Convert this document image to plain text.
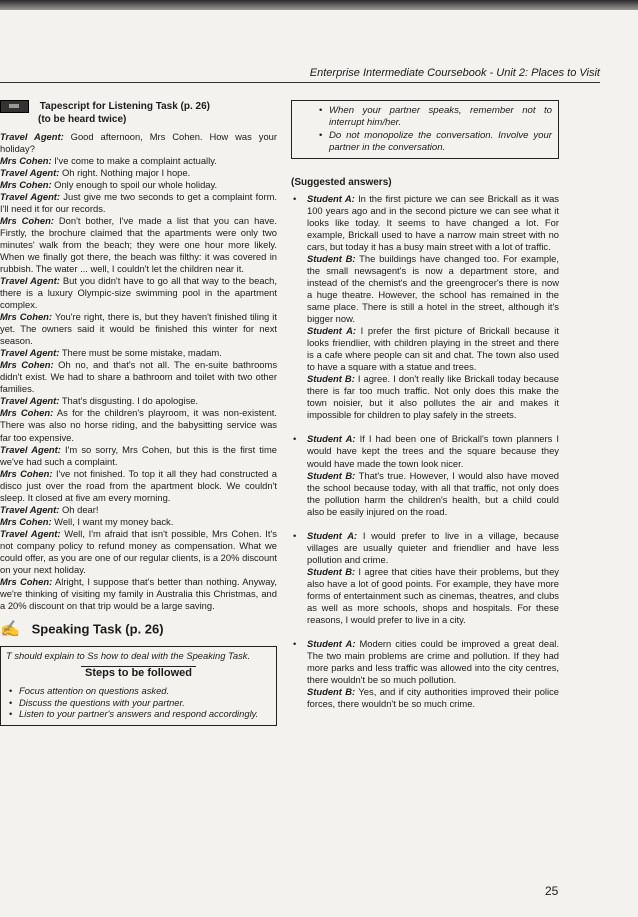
Enterprise Intermediate Coursebook - Unit 2: Places to Visit
Tapescript for Listening Task (p. 26)
(to be heard twice)

Travel Agent: Good afternoon, Mrs Cohen. How was your holiday?

Mrs Cohen: I've come to make a complaint actually.

Travel Agent: Oh right. Nothing major I hope.

Mrs Cohen: Only enough to spoil our whole holiday.

Travel Agent: Just give me two seconds to get a complaint form. I'll need it for our records.

Mrs Cohen: Don't bother, I've made a list that you can have. Firstly, the brochure claimed that the apartments were only two minutes' walk from the beach; they were one hour more likely. When we finally got there, the beach was filthy: it was covered in rubbish. The water ... well, I couldn't let the children near it.

Travel Agent: But you didn't have to go all that way to the beach, there is a luxury Olympic-size swimming pool in the apartment complex.

Mrs Cohen: You're right, there is, but they haven't finished tiling it yet. The owners said it would be finished this winter for next season.

Travel Agent: There must be some mistake, madam.

Mrs Cohen: Oh no, and that's not all. The en-suite bathrooms didn't exist. We had to share a bathroom and toilet with two other families.

Travel Agent: That's disgusting. I do apologise.

Mrs Cohen: As for the children's playroom, it was non-existent. There was also no horse riding, and the babysitting service was far too expensive.

Travel Agent: I'm so sorry, Mrs Cohen, but this is the first time we've had such a complaint.

Mrs Cohen: I've not finished. To top it all they had constructed a disco just over the road from the apartment block. We couldn't sleep. It closed at five am every morning.

Travel Agent: Oh dear!

Mrs Cohen: Well, I want my money back.

Travel Agent: Well, I'm afraid that isn't possible, Mrs Cohen. It's not company policy to refund money as compensation. What we could offer, as you are one of our regular clients, is a 20% discount on your next holiday.

Mrs Cohen: Alright, I suppose that's better than nothing. Anyway, we're thinking of visiting my family in Australia this Christmas, and a 20% discount on that trip would be a large saving.

✍ Speaking Task (p. 26)
T should explain to Ss how to deal with the Speaking Task.
Steps to be followed
• Focus attention on questions asked.
• Discuss the questions with your partner.
• Listen to your partner's answers and respond accordingly.
• When your partner speaks, remember not to interrupt him/her.
• Do not monopolize the conversation. Involve your partner in the conversation.
(Suggested answers)

• Student A: In the first picture we can see Brickall as it was 100 years ago and in the second picture we can see what it looks like today. It seems to have changed a lot. For example, Brickall used to have a narrow main street with no cars, but today it has a busy main street with a lot of traffic.

Student B: The buildings have changed too. For example, the small newsagent's is now a department store, and instead of the chemist's and the greengrocer's there is now a huge theatre. However, the school has remained in the same place. There is still a hotel in the street, although it's bigger now.

Student A: I prefer the first picture of Brickall because it looks friendlier, with children playing in the street and there is a cafe where people can sit and chat. The town also used to have a square with a statue and trees.

Student B: I agree. I don't really like Brickall today because there is far too much traffic. Not only does this make the town noisier, but it also pollutes the air and makes it impossible for children to play safely in the streets.

• Student A: If I had been one of Brickall's town planners I would have kept the trees and the square because they would have made the town look nicer.

Student B: That's true. However, I would also have moved the school because today, with all that traffic, not only does the pollution harm the children's health, but a child could also be easily injured on the road.

• Student A: I would prefer to live in a village, because villages are usually quieter and friendlier and have less pollution and crime.

Student B: I agree that cities have their problems, but they also have a lot of good points. For example, they have more forms of entertainment such as cinemas, theatres, and clubs as well as more schools, shops and hospitals. For these reasons, I would prefer to live in a city.

• Student A: Modern cities could be improved a great deal. The two main problems are crime and pollution. If they had more parks and less traffic was allowed into the city centres, there wouldn't be so much pollution.

Student B: Yes, and if city authorities improved their police forces, there wouldn't be so much crime.

25
